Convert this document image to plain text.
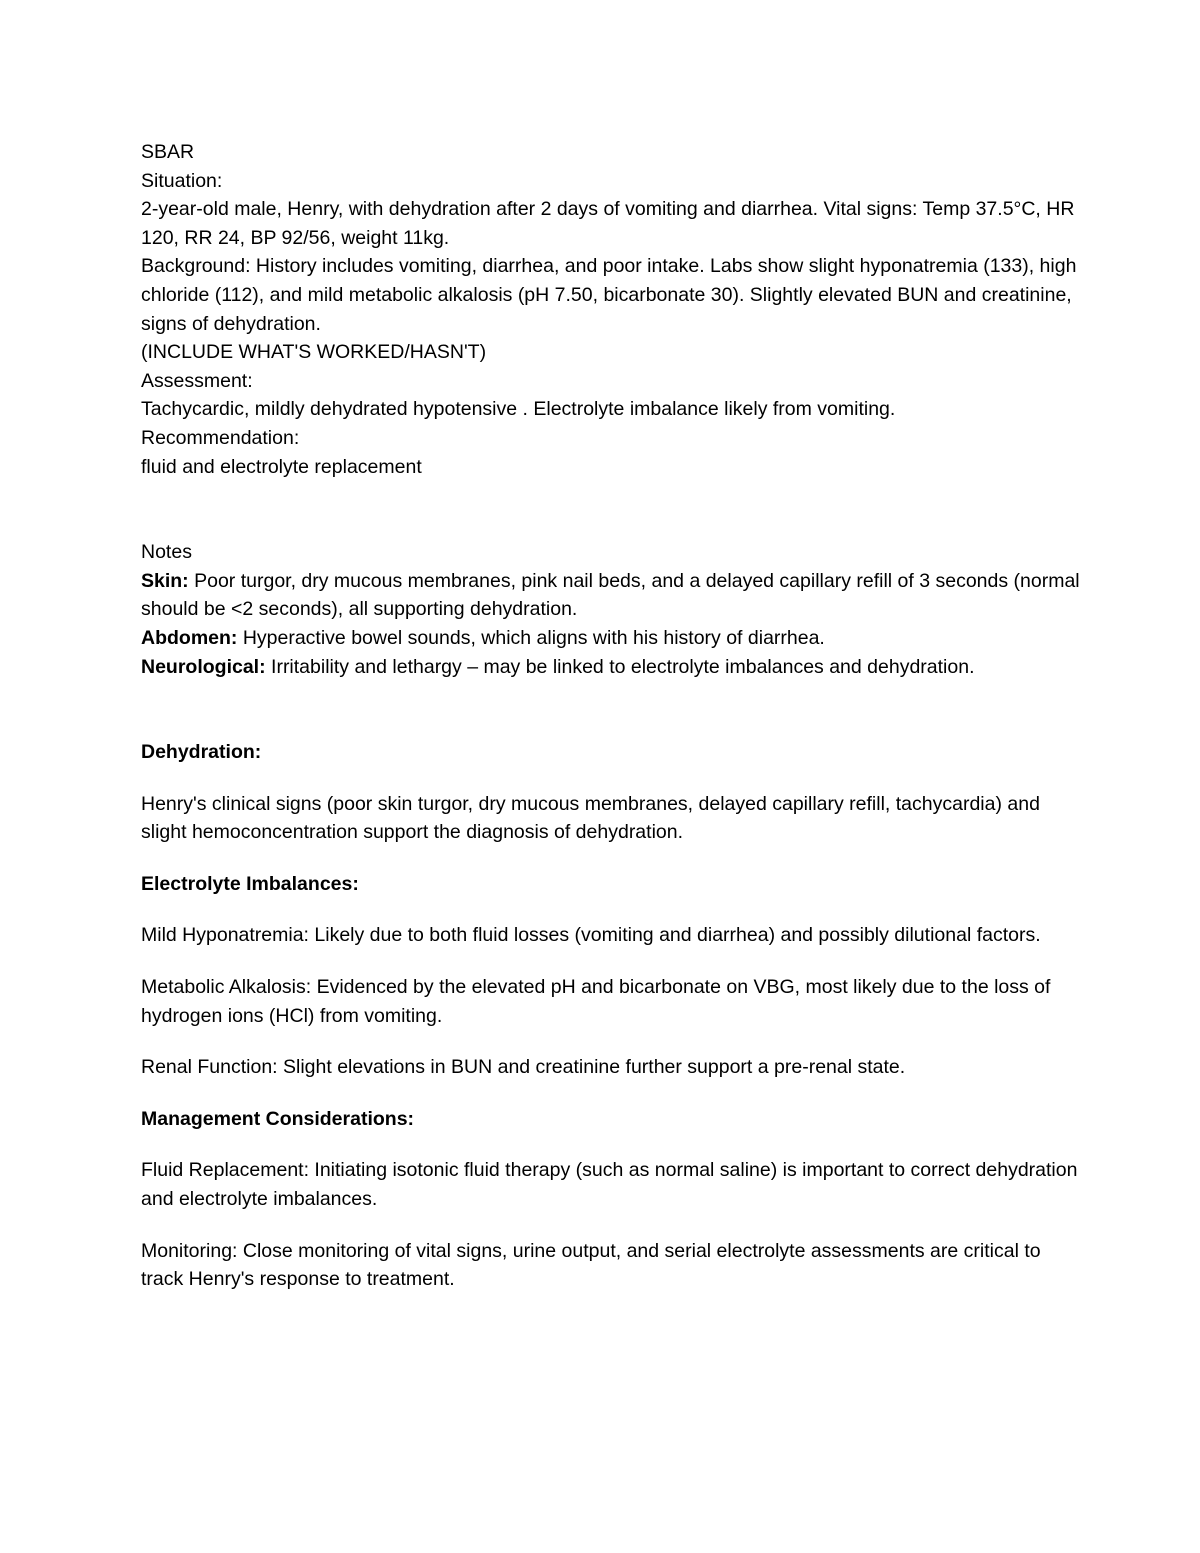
SBAR

Situation:

2-year-old male, Henry, with dehydration after 2 days of vomiting and diarrhea. Vital signs: Temp 37.5°C, HR 120, RR 24, BP 92/56, weight 11kg.

Background: History includes vomiting, diarrhea, and poor intake. Labs show slight hyponatremia (133), high chloride (112), and mild metabolic alkalosis (pH 7.50, bicarbonate 30). Slightly elevated BUN and creatinine, signs of dehydration.

(INCLUDE WHAT'S WORKED/HASN'T)

Assessment:

Tachycardic, mildly dehydrated hypotensive . Electrolyte imbalance likely from vomiting.

Recommendation:

fluid and electrolyte replacement

Notes

Skin: Poor turgor, dry mucous membranes, pink nail beds, and a delayed capillary refill of 3 seconds (normal should be <2 seconds), all supporting dehydration.

Abdomen: Hyperactive bowel sounds, which aligns with his history of diarrhea.

Neurological: Irritability and lethargy – may be linked to electrolyte imbalances and dehydration.

Dehydration:

Henry's clinical signs (poor skin turgor, dry mucous membranes, delayed capillary refill, tachycardia) and slight hemoconcentration support the diagnosis of dehydration.

Electrolyte Imbalances:

Mild Hyponatremia: Likely due to both fluid losses (vomiting and diarrhea) and possibly dilutional factors.

Metabolic Alkalosis: Evidenced by the elevated pH and bicarbonate on VBG, most likely due to the loss of hydrogen ions (HCl) from vomiting.

Renal Function: Slight elevations in BUN and creatinine further support a pre-renal state.

Management Considerations:

Fluid Replacement: Initiating isotonic fluid therapy (such as normal saline) is important to correct dehydration and electrolyte imbalances.

Monitoring: Close monitoring of vital signs, urine output, and serial electrolyte assessments are critical to track Henry's response to treatment.
